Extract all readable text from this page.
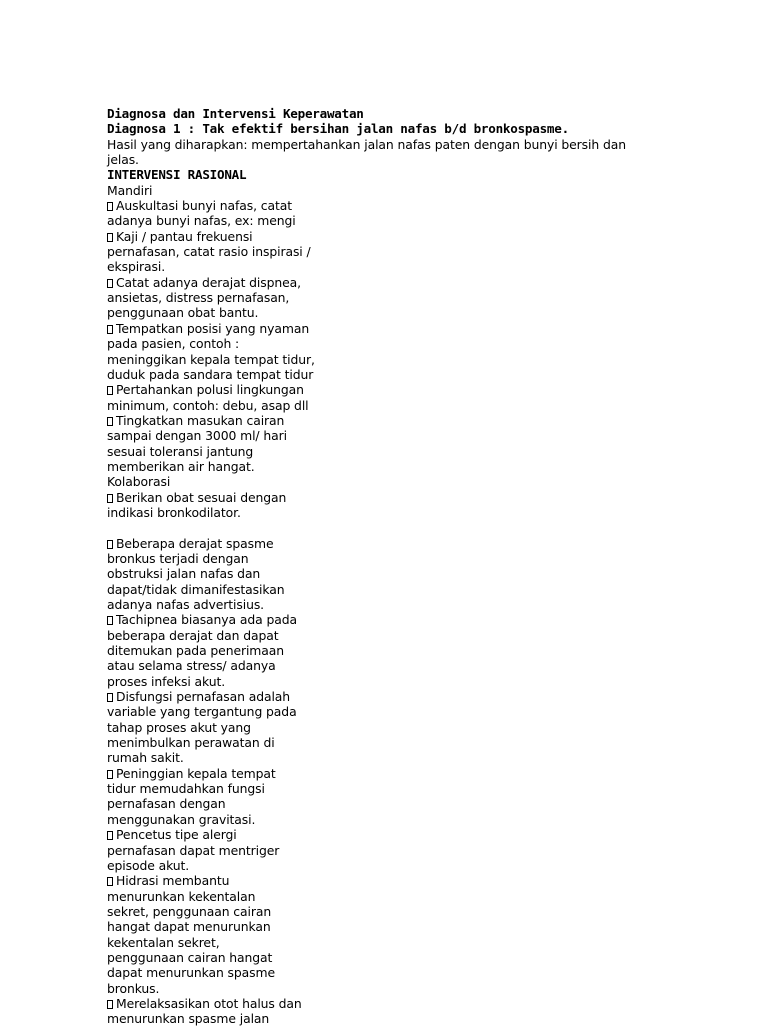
Diagnosa dan Intervensi Keperawatan
Diagnosa 1 : Tak efektif bersihan jalan nafas b/d bronkospasme.
Hasil yang diharapkan: mempertahankan jalan nafas paten dengan bunyi bersih dan
jelas.
INTERVENSI RASIONAL
Mandiri
Auskultasi bunyi nafas, catat
adanya bunyi nafas, ex: mengi
Kaji / pantau frekuensi
pernafasan, catat rasio inspirasi /
ekspirasi.
Catat adanya derajat dispnea,
ansietas, distress pernafasan,
penggunaan obat bantu.
Tempatkan posisi yang nyaman
pada pasien, contoh :
meninggikan kepala tempat tidur,
duduk pada sandara tempat tidur
Pertahankan polusi lingkungan
minimum, contoh: debu, asap dll
Tingkatkan masukan cairan
sampai dengan 3000 ml/ hari
sesuai toleransi jantung
memberikan air hangat.
Kolaborasi
Berikan obat sesuai dengan
indikasi bronkodilator.
Beberapa derajat spasme
bronkus terjadi dengan
obstruksi jalan nafas dan
dapat/tidak dimanifestasikan
adanya nafas advertisius.
Tachipnea biasanya ada pada
beberapa derajat dan dapat
ditemukan pada penerimaan
atau selama stress/ adanya
proses infeksi akut.
Disfungsi pernafasan adalah
variable yang tergantung pada
tahap proses akut yang
menimbulkan perawatan di
rumah sakit.
Peninggian kepala tempat
tidur memudahkan fungsi
pernafasan dengan
menggunakan gravitasi.
Pencetus tipe alergi
pernafasan dapat mentriger
episode akut.
Hidrasi membantu
menurunkan kekentalan
sekret, penggunaan cairan
hangat dapat menurunkan
kekentalan sekret,
penggunaan cairan hangat
dapat menurunkan spasme
bronkus.
Merelaksasikan otot halus dan
menurunkan spasme jalan
